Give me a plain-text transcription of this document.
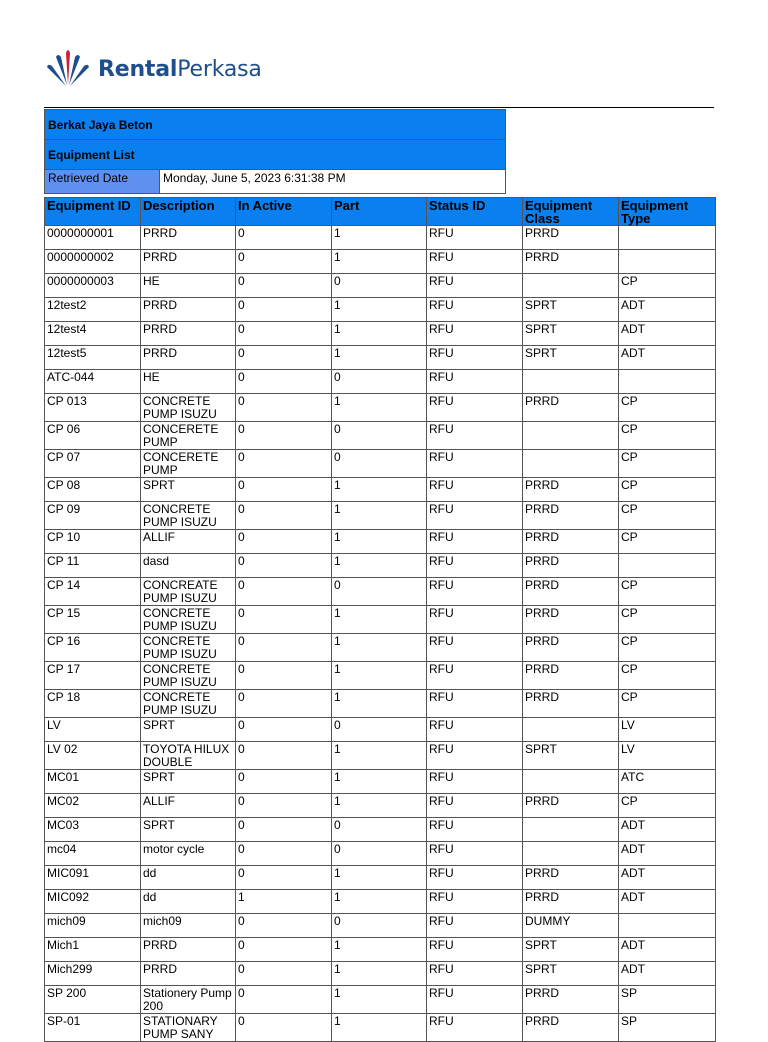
RentalPerkasa
Berkat Jaya Beton
Equipment List
Retrieved Date	Monday, June 5, 2023 6:31:38 PM
Equipment ID	Description	In Active	Part	Status ID	Equipment Class	Equipment Type
0000000001	PRRD	0	1	RFU	PRRD	
0000000002	PRRD	0	1	RFU	PRRD	
0000000003	HE	0	0	RFU		CP
12test2	PRRD	0	1	RFU	SPRT	ADT
12test4	PRRD	0	1	RFU	SPRT	ADT
12test5	PRRD	0	1	RFU	SPRT	ADT
ATC-044	HE	0	0	RFU		
CP 013	CONCRETE PUMP ISUZU	0	1	RFU	PRRD	CP
CP 06	CONCERETE PUMP	0	0	RFU		CP
CP 07	CONCERETE PUMP	0	0	RFU		CP
CP 08	SPRT	0	1	RFU	PRRD	CP
CP 09	CONCRETE PUMP ISUZU	0	1	RFU	PRRD	CP
CP 10	ALLIF	0	1	RFU	PRRD	CP
CP 11	dasd	0	1	RFU	PRRD	
CP 14	CONCREATE PUMP ISUZU	0	0	RFU	PRRD	CP
CP 15	CONCRETE PUMP ISUZU	0	1	RFU	PRRD	CP
CP 16	CONCRETE PUMP ISUZU	0	1	RFU	PRRD	CP
CP 17	CONCRETE PUMP ISUZU	0	1	RFU	PRRD	CP
CP 18	CONCRETE PUMP ISUZU	0	1	RFU	PRRD	CP
LV	SPRT	0	0	RFU		LV
LV 02	TOYOTA HILUX DOUBLE	0	1	RFU	SPRT	LV
MC01	SPRT	0	1	RFU		ATC
MC02	ALLIF	0	1	RFU	PRRD	CP
MC03	SPRT	0	0	RFU		ADT
mc04	motor cycle	0	0	RFU		ADT
MIC091	dd	0	1	RFU	PRRD	ADT
MIC092	dd	1	1	RFU	PRRD	ADT
mich09	mich09	0	0	RFU	DUMMY	
Mich1	PRRD	0	1	RFU	SPRT	ADT
Mich299	PRRD	0	1	RFU	SPRT	ADT
SP 200	Stationery Pump 200	0	1	RFU	PRRD	SP
SP-01	STATIONARY PUMP SANY	0	1	RFU	PRRD	SP
